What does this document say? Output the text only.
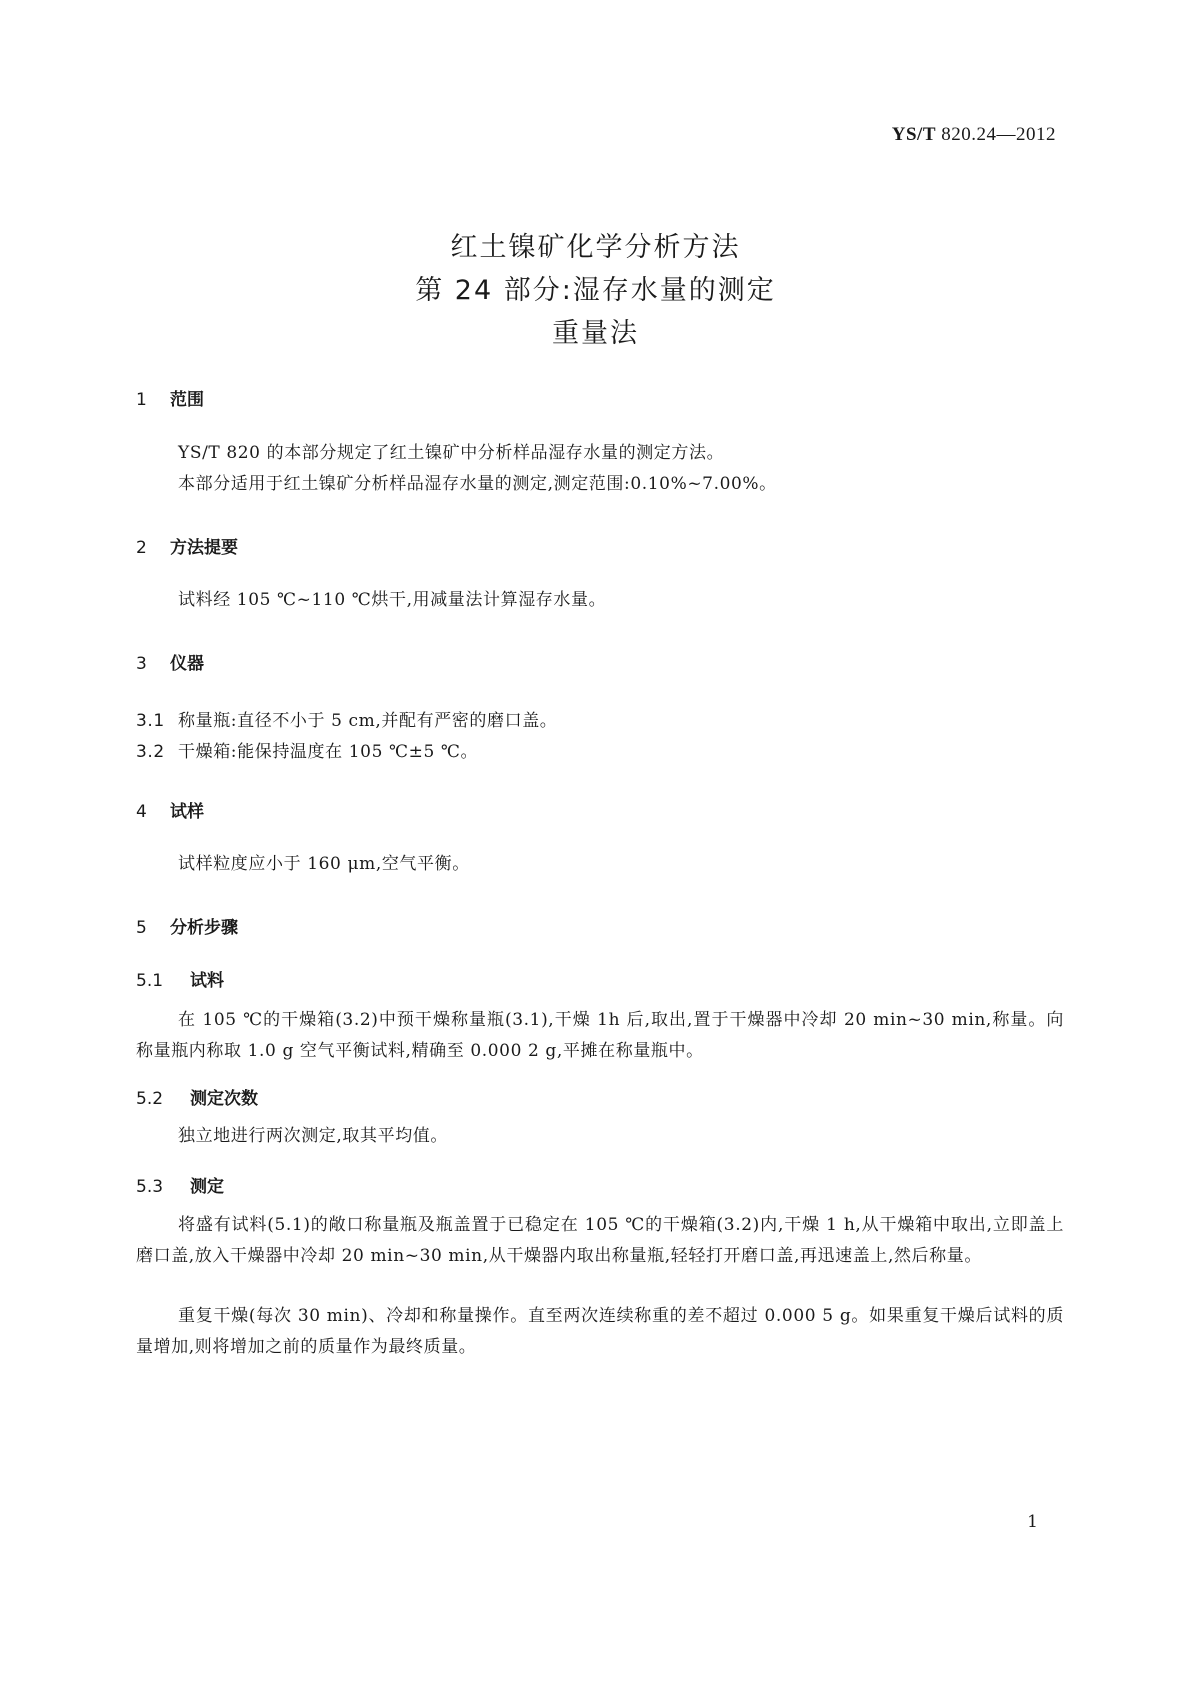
YS/T 820.24—2012
红土镍矿化学分析方法
第 24 部分:湿存水量的测定
重量法
1 范围
YS/T 820 的本部分规定了红土镍矿中分析样品湿存水量的测定方法。
本部分适用于红土镍矿分析样品湿存水量的测定,测定范围:0.10%~7.00%。
2 方法提要
试料经 105 ℃~110 ℃烘干,用减量法计算湿存水量。
3 仪器
3.1 称量瓶:直径不小于 5 cm,并配有严密的磨口盖。
3.2 干燥箱:能保持温度在 105 ℃±5 ℃。
4 试样
试样粒度应小于 160 μm,空气平衡。
5 分析步骤
5.1 试料
在 105 ℃的干燥箱(3.2)中预干燥称量瓶(3.1),干燥 1h 后,取出,置于干燥器中冷却 20 min~30 min,称量。向称量瓶内称取 1.0 g 空气平衡试料,精确至 0.000 2 g,平摊在称量瓶中。
5.2 测定次数
独立地进行两次测定,取其平均值。
5.3 测定
将盛有试料(5.1)的敞口称量瓶及瓶盖置于已稳定在 105 ℃的干燥箱(3.2)内,干燥 1 h,从干燥箱中取出,立即盖上磨口盖,放入干燥器中冷却 20 min~30 min,从干燥器内取出称量瓶,轻轻打开磨口盖,再迅速盖上,然后称量。
重复干燥(每次 30 min)、冷却和称量操作。直至两次连续称重的差不超过 0.000 5 g。如果重复干燥后试料的质量增加,则将增加之前的质量作为最终质量。
1
